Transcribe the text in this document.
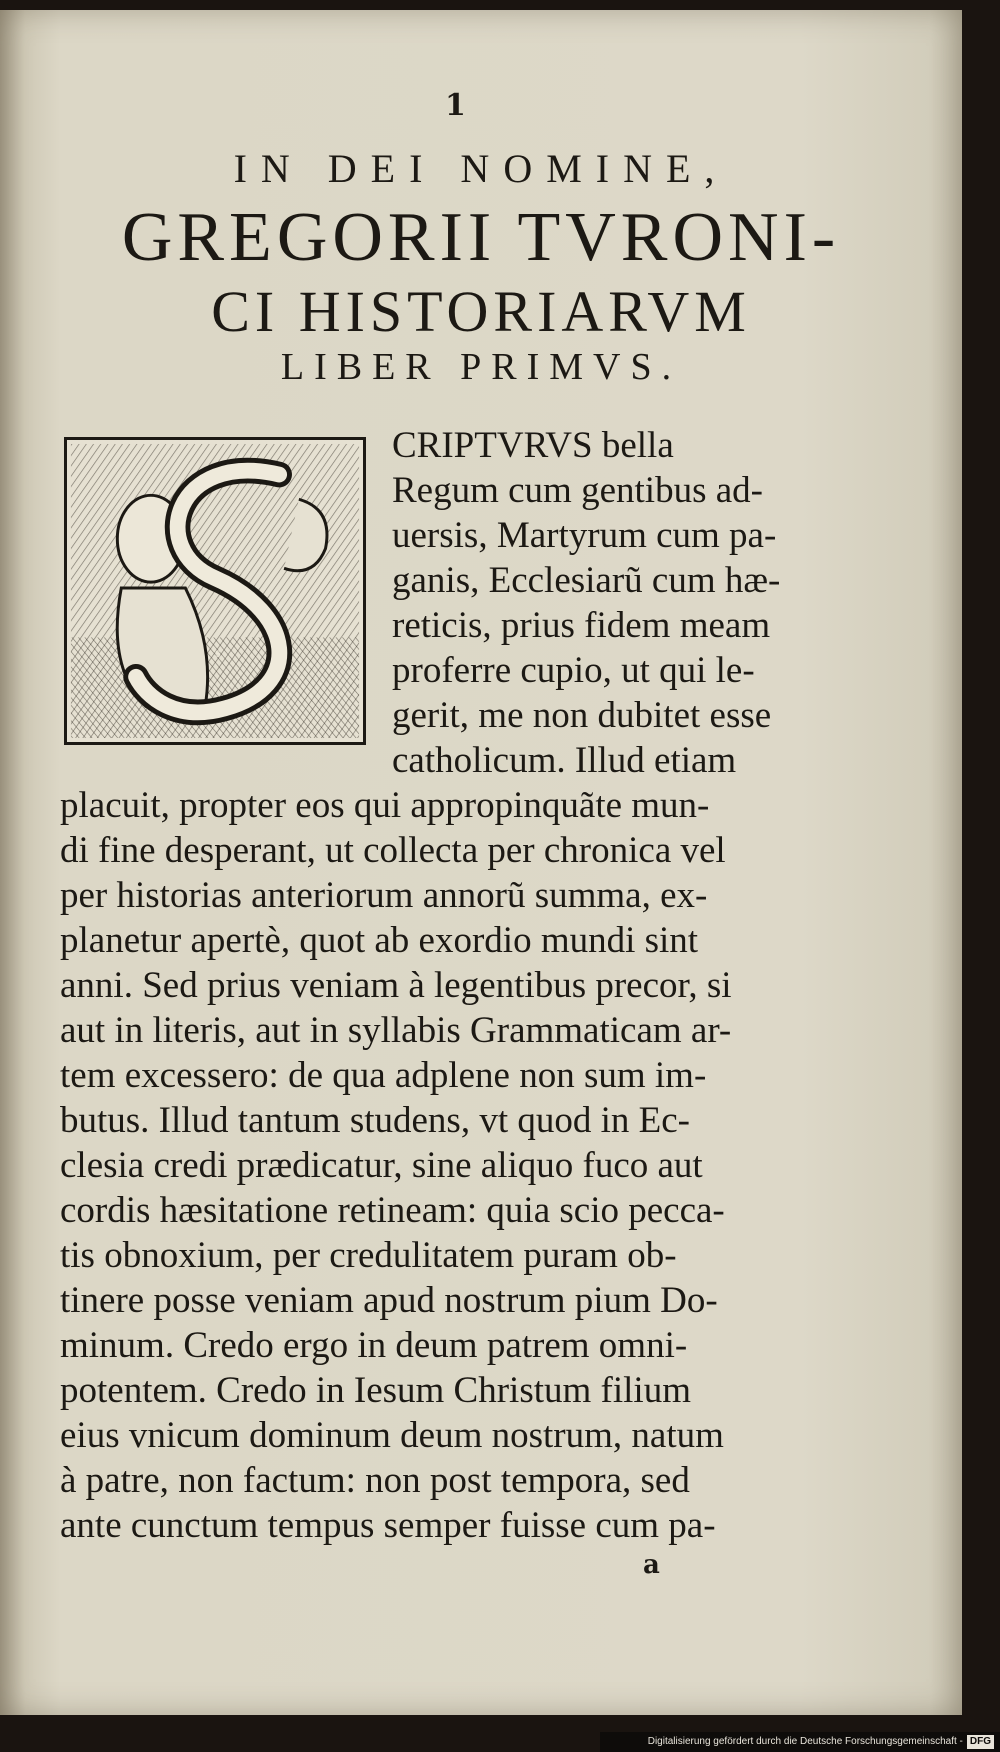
1
IN DEI NOMINE,
GREGORII TVRONI-
CI HISTORIARVM
LIBER PRIMVS.
S
CRIPTVRVS bella
Regum cum gentibus ad-
uersis, Martyrum cum pa-
ganis, Ecclesiarũ cum hæ-
reticis, prius fidem meam
proferre cupio, ut qui le-
gerit, me non dubitet esse
catholicum. Illud etiam
placuit, propter eos qui appropinquãte mun-
di fine desperant, ut collecta per chronica vel
per historias anteriorum annorũ summa, ex-
planetur apertè, quot ab exordio mundi sint
anni. Sed prius veniam à legentibus precor, si
aut in literis, aut in syllabis Grammaticam ar-
tem excessero: de qua adplene non sum im-
butus. Illud tantum studens, vt quod in Ec-
clesia credi prædicatur, sine aliquo fuco aut
cordis hæsitatione retineam: quia scio pecca-
tis obnoxium, per credulitatem puram ob-
tinere posse veniam apud nostrum pium Do-
minum. Credo ergo in deum patrem omni-
potentem. Credo in Iesum Christum filium
eius vnicum dominum deum nostrum, natum
à patre, non factum: non post tempora, sed
ante cunctum tempus semper fuisse cum pa-
a
Digitalisierung gefördert durch die Deutsche Forschungsgemeinschaft - DFG
